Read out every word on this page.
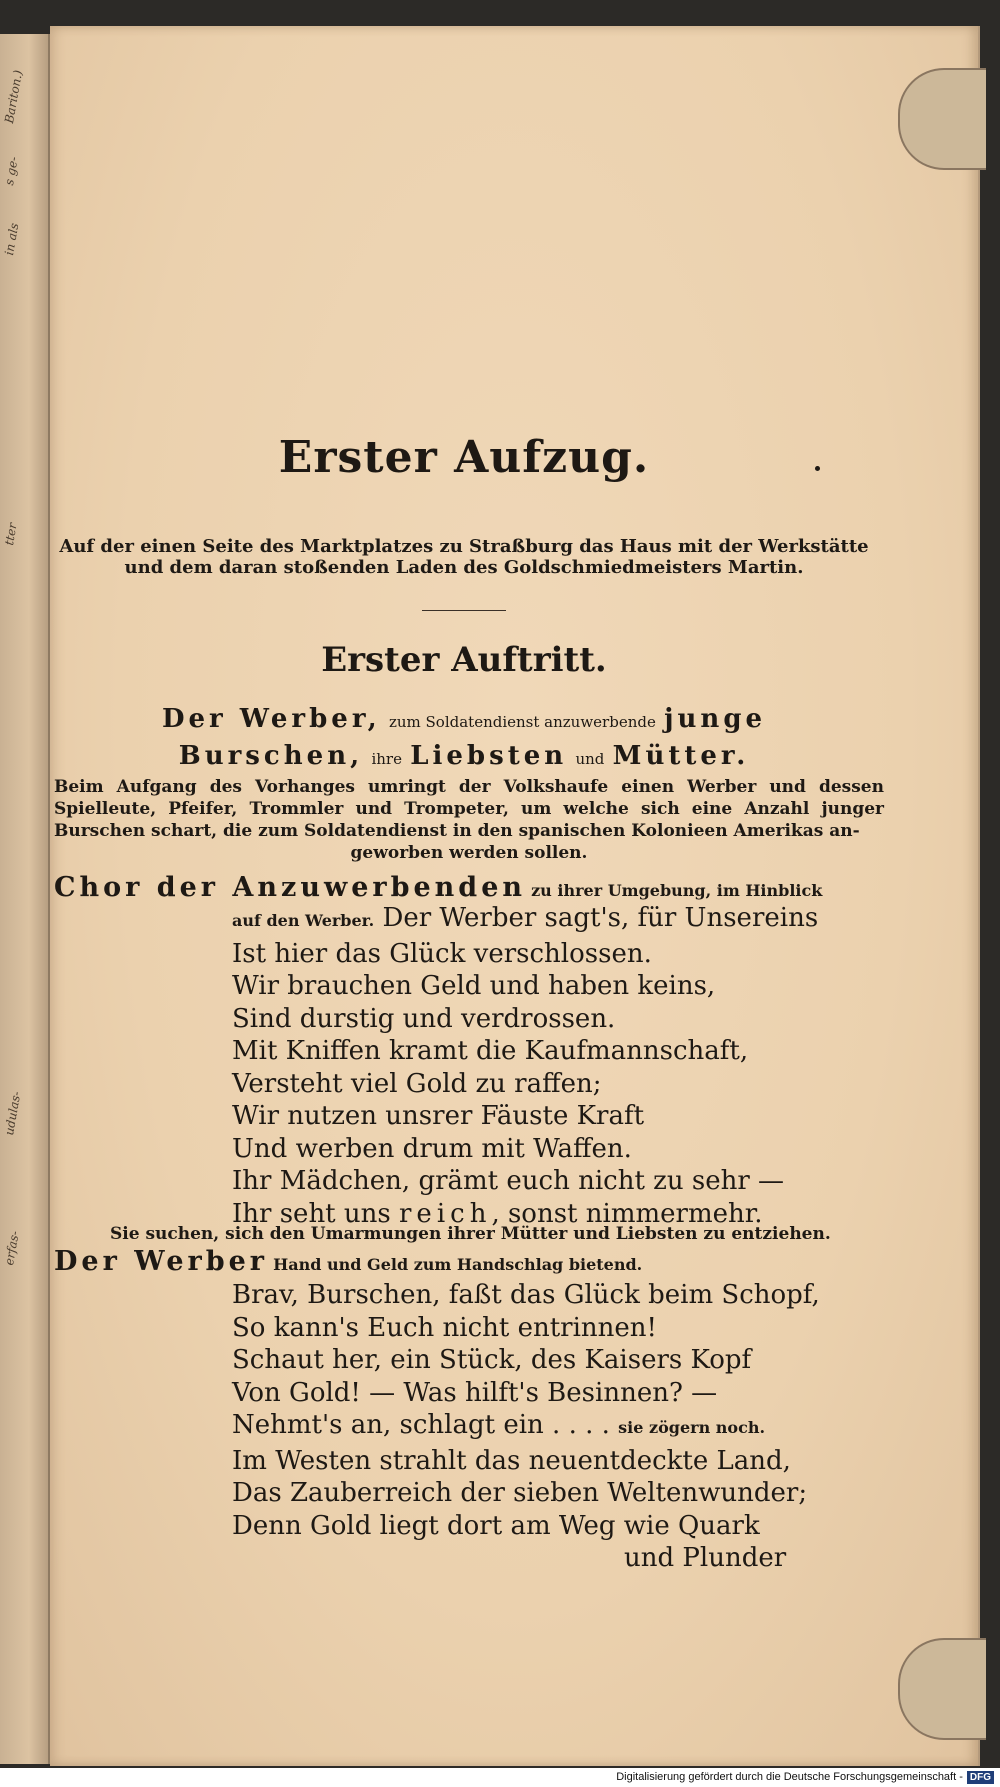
Bariton.)
s ge-
in als
tter
udulas-
erfas-
Erster Aufzug.

Auf der einen Seite des Marktplatzes zu Straßburg das Haus mit der Werkstätte
und dem daran stoßenden Laden des Goldschmiedmeisters Martin.

Erster Auftritt.

Der Werber, zum Soldatendienst anzuwerbende junge
Burschen, ihre Liebsten und Mütter.

Beim Aufgang des Vorhanges umringt der Volkshaufe einen Werber und dessen Spielleute, Pfeifer, Trommler und Trompeter, um welche sich eine Anzahl junger Burschen schart, die zum Soldatendienst in den spanischen Kolonieen Amerikas an-
geworben werden sollen.

Chor der Anzuwerbenden zu ihrer Umgebung, im Hinblick

auf den Werber. Der Werber sagt's, für Unsereins
Ist hier das Glück verschlossen.
Wir brauchen Geld und haben keins,
Sind durstig und verdrossen.
Mit Kniffen kramt die Kaufmannschaft,
Versteht viel Gold zu raffen;
Wir nutzen unsrer Fäuste Kraft
Und werben drum mit Waffen.
Ihr Mädchen, grämt euch nicht zu sehr —
Ihr seht uns reich, sonst nimmermehr.

Sie suchen, sich den Umarmungen ihrer Mütter und Liebsten zu entziehen.

Der Werber Hand und Geld zum Handschlag bietend.

Brav, Burschen, faßt das Glück beim Schopf,
So kann's Euch nicht entrinnen!
Schaut her, ein Stück, des Kaisers Kopf
Von Gold! — Was hilft's Besinnen? —
Nehmt's an, schlagt ein . . . . sie zögern noch.
Im Westen strahlt das neuentdeckte Land,
Das Zauberreich der sieben Weltenwunder;
Denn Gold liegt dort am Weg wie Quark
und Plunder
Digitalisierung gefördert durch die Deutsche Forschungsgemeinschaft - DFG
